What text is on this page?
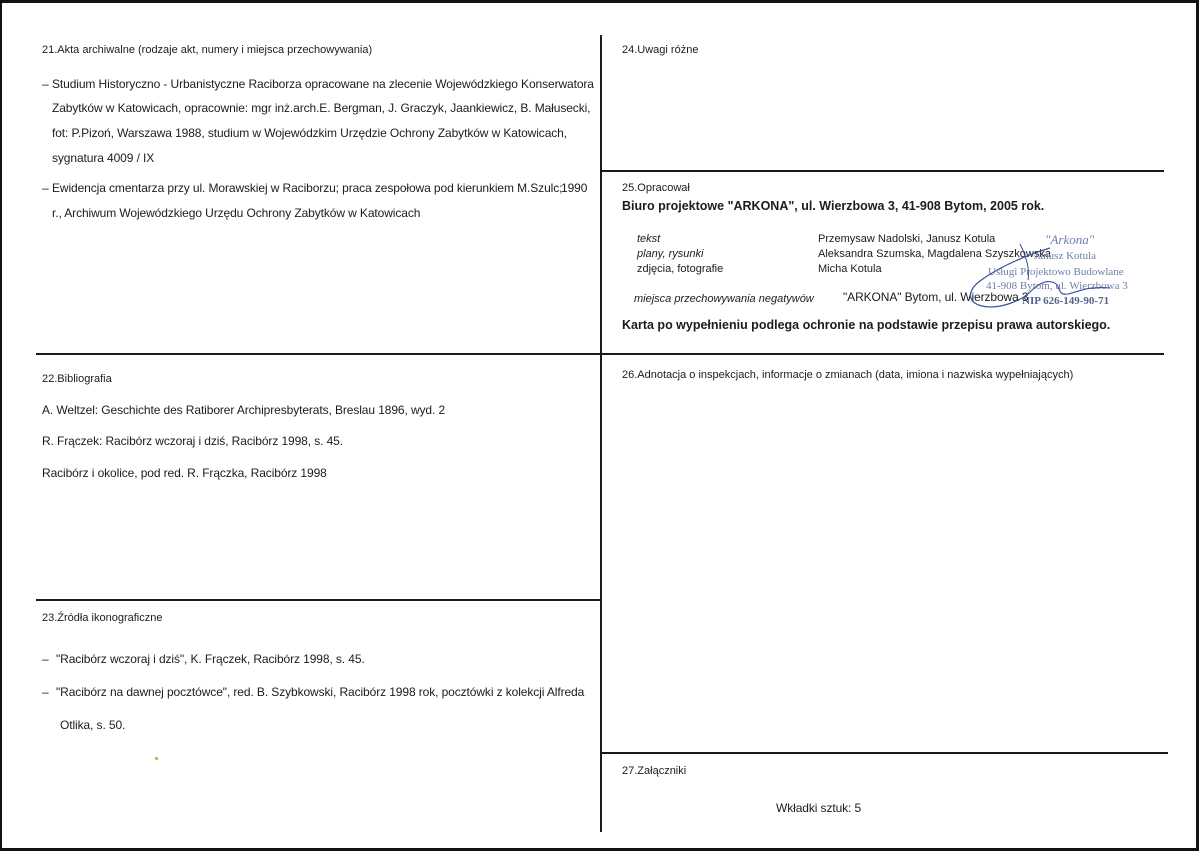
21.Akta archiwalne (rodzaje akt, numery i miejsca przechowywania)
– Studium Historyczno - Urbanistyczne Raciborza opracowane na zlecenie Wojewódzkiego Konserwatora
Zabytków w Katowicach, opracownie: mgr inż.arch.E. Bergman, J. Graczyk, Jaankiewicz, B. Małusecki,
fot: P.Pizoń, Warszawa 1988, studium w Wojewódzkim Urzędzie Ochrony Zabytków w Katowicach,
sygnatura 4009 / IX
– Ewidencja cmentarza przy ul. Morawskiej w Raciborzu; praca zespołowa pod kierunkiem M.Szulc;
1990
r., Archiwum Wojewódzkiego Urzędu Ochrony Zabytków w Katowicach
22.Bibliografia
A. Weltzel: Geschichte des Ratiborer Archipresbyterats, Breslau 1896, wyd. 2
R. Frączek: Racibórz wczoraj i dziś, Racibórz 1998, s. 45.
Racibórz i okolice, pod red. R. Frączka, Racibórz 1998
23.Źródła ikonograficzne
– "Racibórz wczoraj i dziś", K. Frączek, Racibórz 1998, s. 45.
– "Racibórz na dawnej pocztówce", red. B. Szybkowski, Racibórz 1998 rok, pocztówki z kolekcji Alfreda
Otlika, s. 50.
24.Uwagi różne
25.Opracował
Biuro projektowe "ARKONA", ul. Wierzbowa 3, 41-908 Bytom, 2005 rok.
tekst	Przemysaw Nadolski, Janusz Kotula
plany, rysunki	Aleksandra Szumska, Magdalena Szyszkowska
zdjęcia, fotografie	Micha Kotula
miejsca przechowywania negatywów "ARKONA" Bytom, ul. Wierzbowa 3
"Arkona"
Janusz Kotula
Usługi Projektowo Budowlane
41-908 Bytom, ul. Wierzbowa 3
NIP 626-149-90-71
Karta po wypełnieniu podlega ochronie na podstawie przepisu prawa autorskiego.
26.Adnotacja o inspekcjach, informacje o zmianach (data, imiona i nazwiska wypełniających)
27.Załączniki
Wkładki sztuk: 5
